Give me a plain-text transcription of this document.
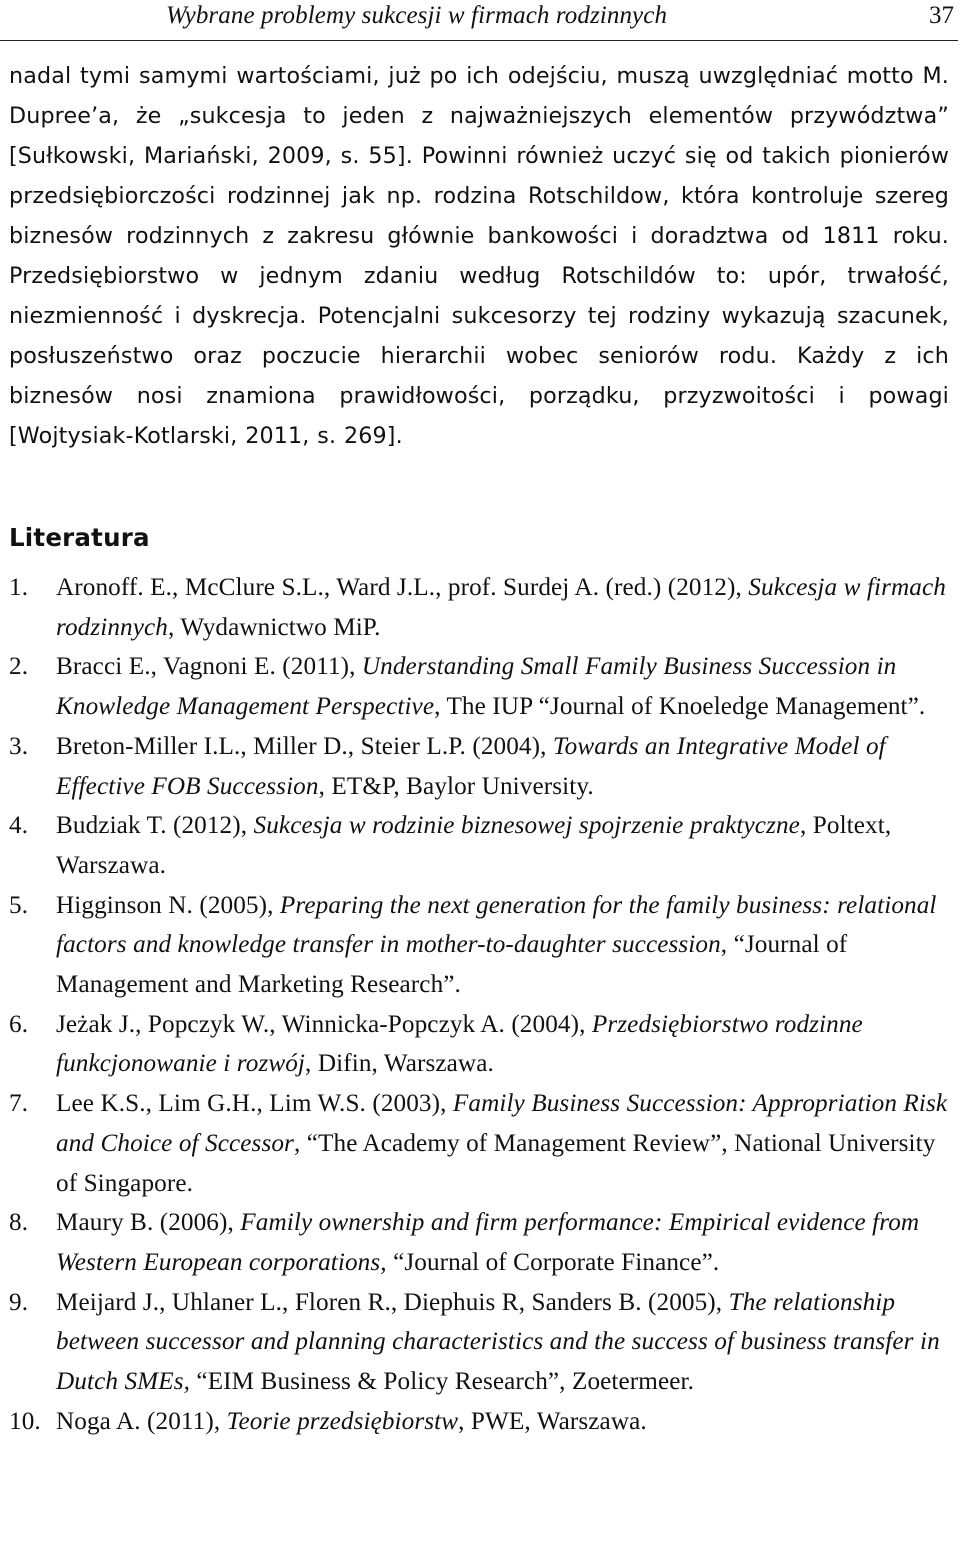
Wybrane problemy sukcesji w firmach rodzinnych	37

nadal tymi samymi wartościami, już po ich odejściu, muszą uwzględniać motto M. Dupree’a, że „sukcesja to jeden z najważniejszych elementów przywództwa” [Sułkowski, Mariański, 2009, s. 55]. Powinni również uczyć się od takich pionierów przedsiębiorczości rodzinnej jak np. rodzina Rotschildow, która kontroluje szereg biznesów rodzinnych z zakresu głównie bankowości i doradztwa od 1811 roku. Przedsiębiorstwo w jednym zdaniu według Rotschildów to: upór, trwałość, niezmienność i dyskrecja. Potencjalni sukcesorzy tej rodziny wykazują szacunek, posłuszeństwo oraz poczucie hierarchii wobec seniorów rodu. Każdy z ich biznesów nosi znamiona prawidłowości, porządku, przyzwoitości i powagi [Wojtysiak-Kotlarski, 2011, s. 269].

Literatura
1. Aronoff. E., McClure S.L., Ward J.L., prof. Surdej A. (red.) (2012), Sukcesja w firmach rodzinnych, Wydawnictwo MiP.
2. Bracci E., Vagnoni E. (2011), Understanding Small Family Business Succession in Knowledge Management Perspective, The IUP “Journal of Knoeledge Management”.
3. Breton-Miller I.L., Miller D., Steier L.P. (2004), Towards an Integrative Model of Effective FOB Succession, ET&P, Baylor University.
4. Budziak T. (2012), Sukcesja w rodzinie biznesowej spojrzenie praktyczne, Poltext, Warszawa.
5. Higginson N. (2005), Preparing the next generation for the family business: relational factors and knowledge transfer in mother-to-daughter succession, “Journal of Management and Marketing Research”.
6. Jeżak J., Popczyk W., Winnicka-Popczyk A. (2004), Przedsiębiorstwo rodzinne funkcjonowanie i rozwój, Difin, Warszawa.
7. Lee K.S., Lim G.H., Lim W.S. (2003), Family Business Succession: Appropriation Risk and Choice of Sccessor, “The Academy of Management Review”, National University of Singapore.
8. Maury B. (2006), Family ownership and firm performance: Empirical evidence from Western European corporations, “Journal of Corporate Finance”.
9. Meijard J., Uhlaner L., Floren R., Diephuis R, Sanders B. (2005), The relationship between successor and planning characteristics and the success of business transfer in Dutch SMEs, “EIM Business & Policy Research”, Zoetermeer.
10. Noga A. (2011), Teorie przedsiębiorstw, PWE, Warszawa.
